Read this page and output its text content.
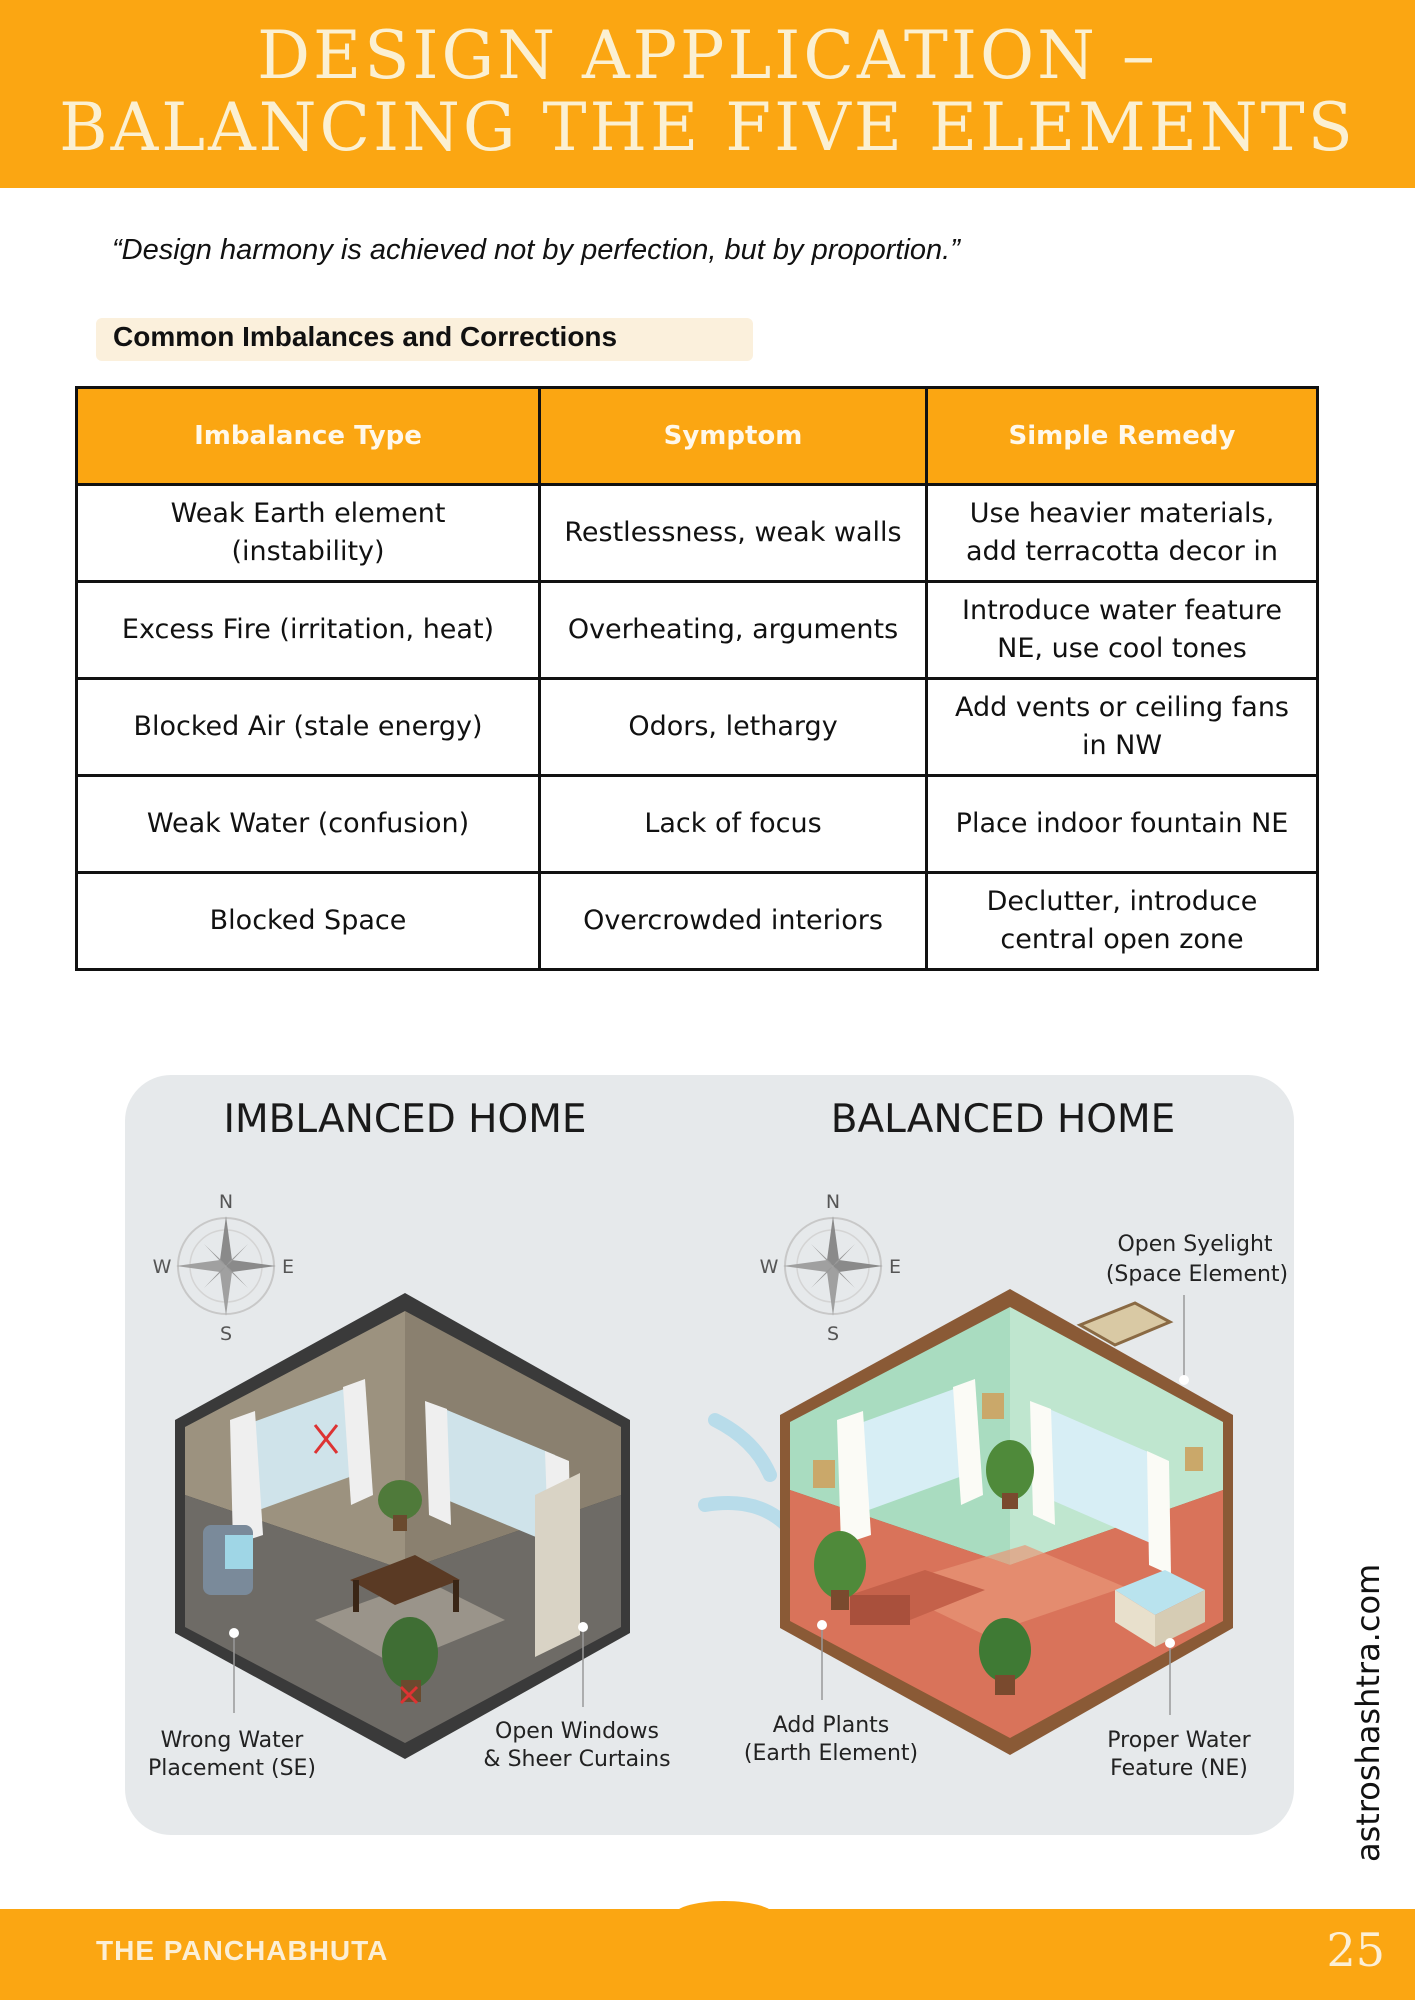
DESIGN APPLICATION –
BALANCING THE FIVE ELEMENTS
“Design harmony is achieved not by perfection, but by proportion.”
Common Imbalances and Corrections
Imbalance Type	Symptom	Simple Remedy
Weak Earth element (instability)	Restlessness, weak walls	Use heavier materials, add terracotta decor in
Excess Fire (irritation, heat)	Overheating, arguments	Introduce water feature NE, use cool tones
Blocked Air (stale energy)	Odors, lethargy	Add vents or ceiling fans in NW
Weak Water (confusion)	Lack of focus	Place indoor fountain NE
Blocked Space	Overcrowded interiors	Declutter, introduce central open zone
IMBLANCED HOME	BALANCED HOME
N
S
E
W
N
S
E
W
Wrong Water
Placement (SE)
Open Windows
& Sheer Curtains
Open Syelight
(Space Element)
Add Plants
(Earth Element)
Proper Water
Feature (NE)	astroshashtra.com
THE PANCHABHUTA	25
